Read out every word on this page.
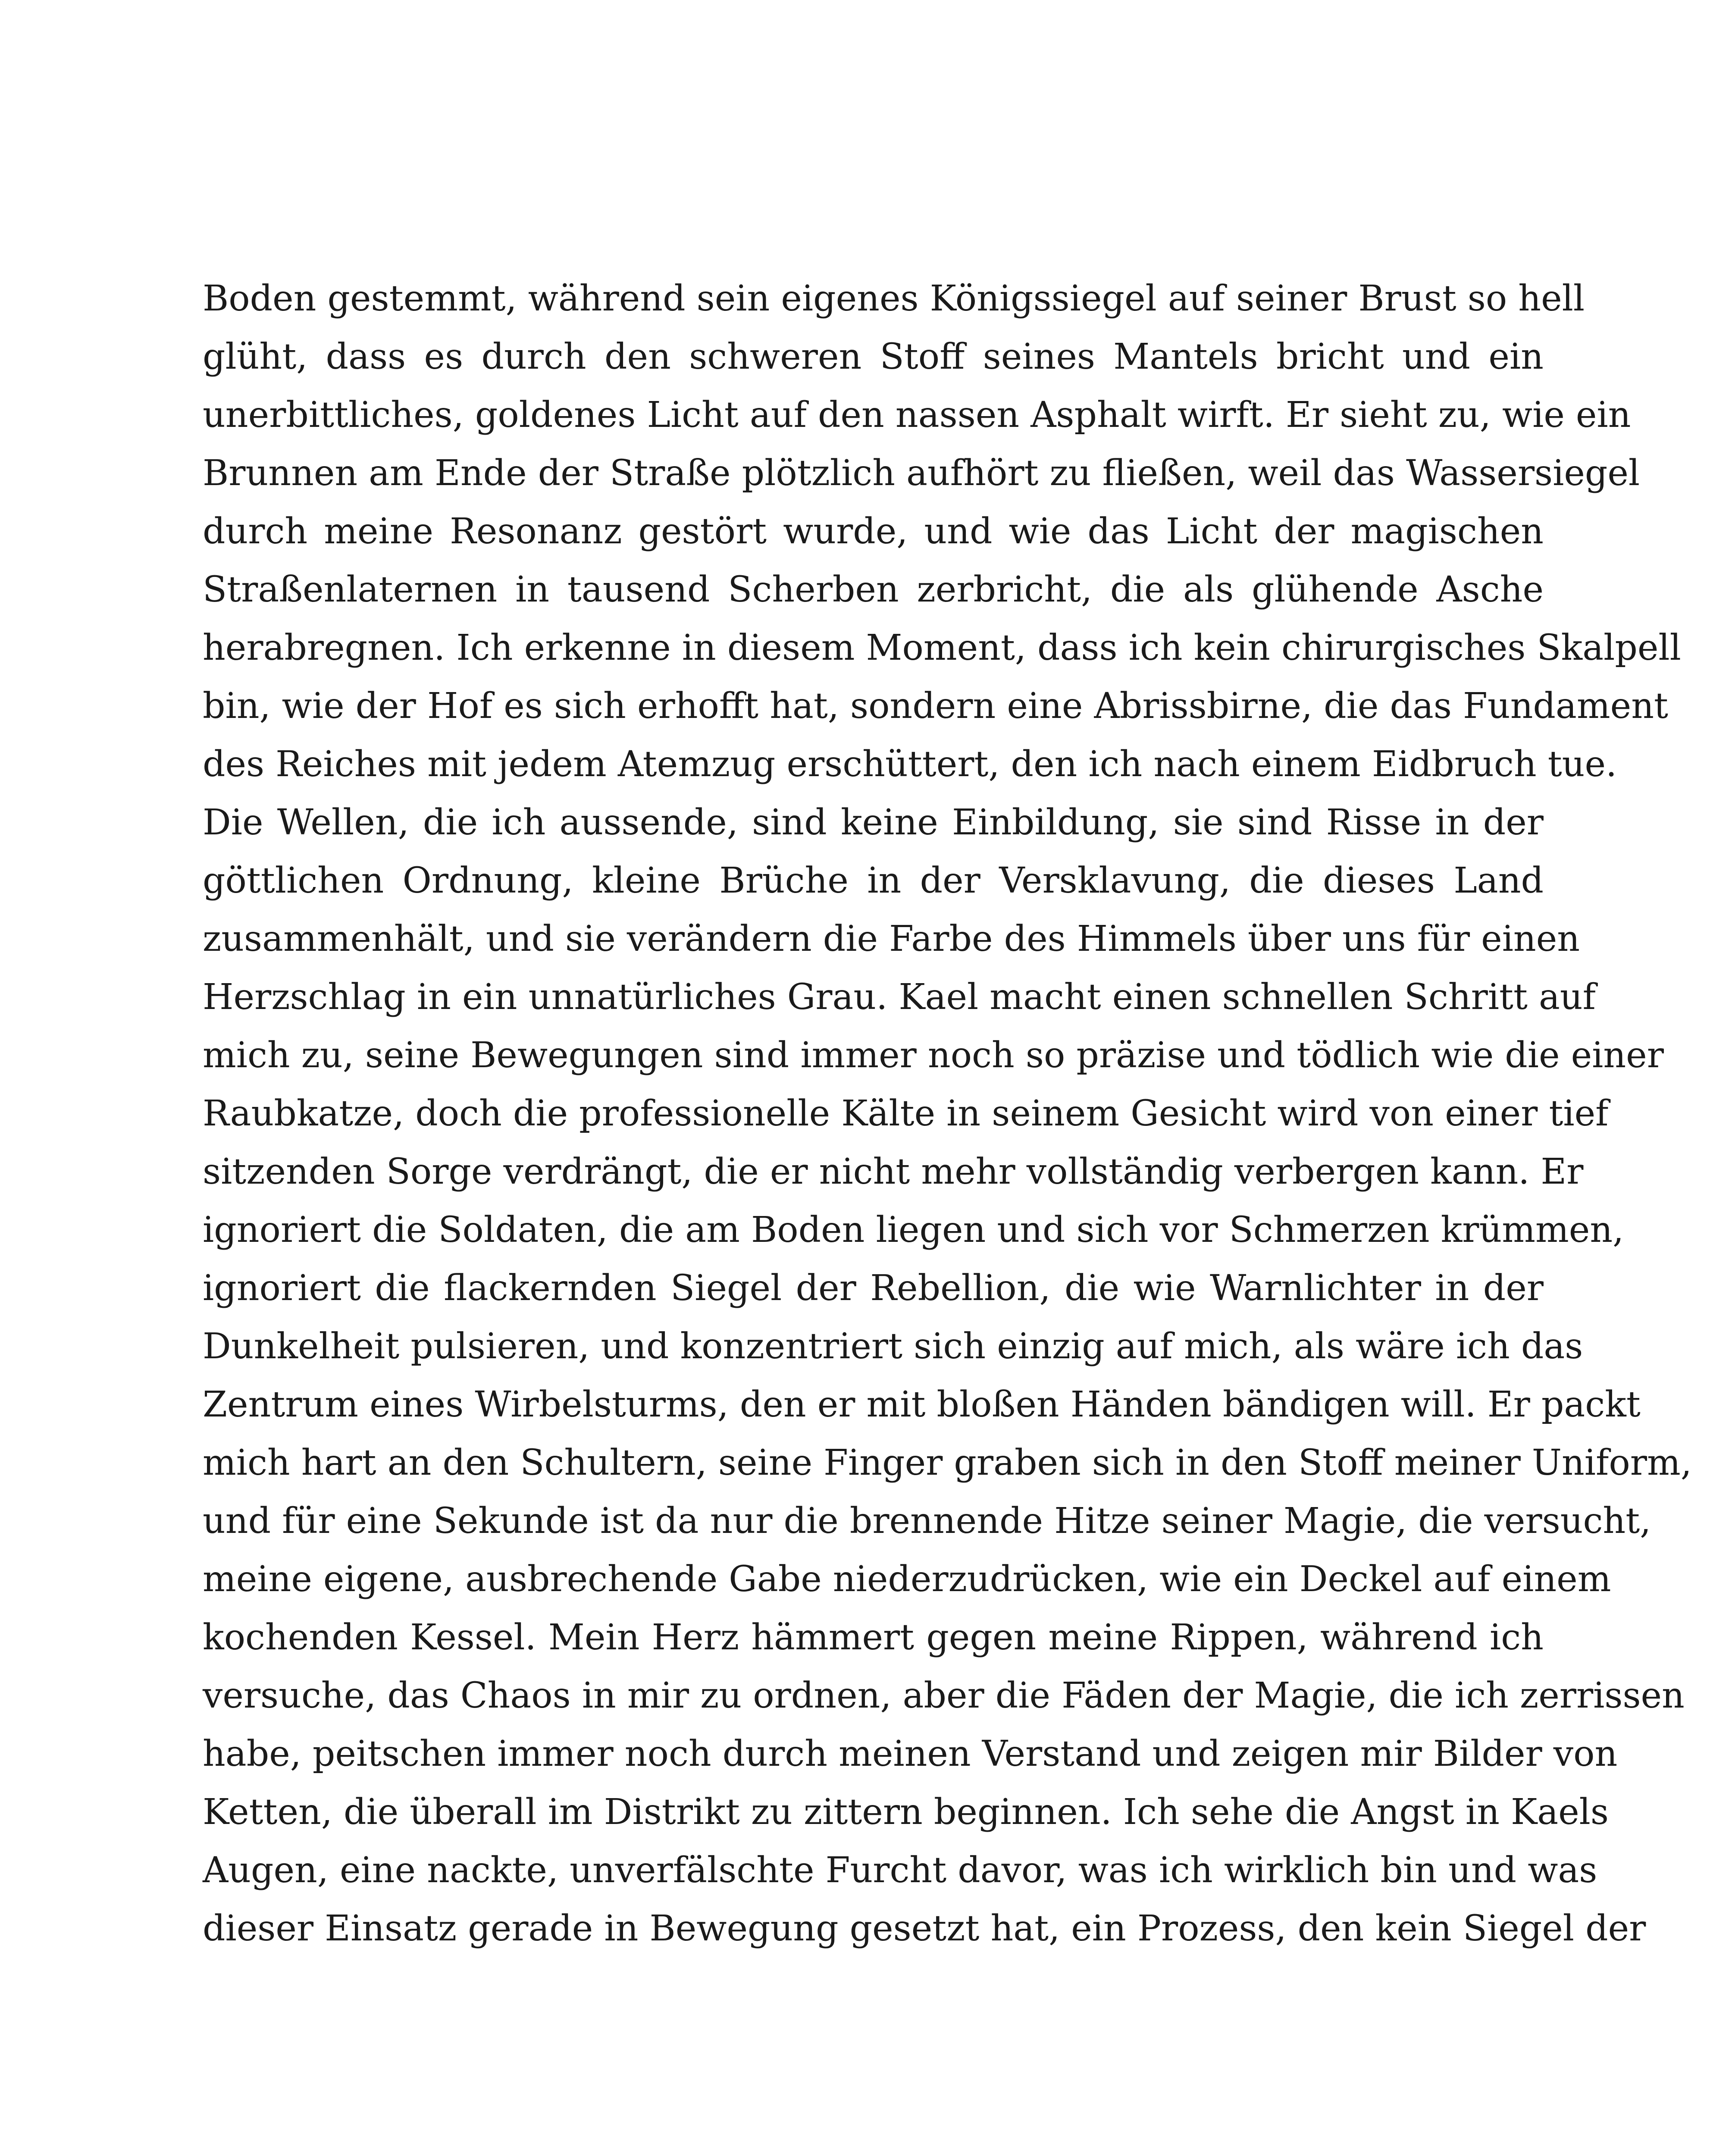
Boden gestemmt, während sein eigenes Königssiegel auf seiner Brust so hell
glüht, dass es durch den schweren Stoff seines Mantels bricht und ein
unerbittliches, goldenes Licht auf den nassen Asphalt wirft. Er sieht zu, wie ein
Brunnen am Ende der Straße plötzlich aufhört zu fließen, weil das Wassersiegel
durch meine Resonanz gestört wurde, und wie das Licht der magischen
Straßenlaternen in tausend Scherben zerbricht, die als glühende Asche
herabregnen. Ich erkenne in diesem Moment, dass ich kein chirurgisches Skalpell
bin, wie der Hof es sich erhofft hat, sondern eine Abrissbirne, die das Fundament
des Reiches mit jedem Atemzug erschüttert, den ich nach einem Eidbruch tue.
Die Wellen, die ich aussende, sind keine Einbildung, sie sind Risse in der
göttlichen Ordnung, kleine Brüche in der Versklavung, die dieses Land
zusammenhält, und sie verändern die Farbe des Himmels über uns für einen
Herzschlag in ein unnatürliches Grau. Kael macht einen schnellen Schritt auf
mich zu, seine Bewegungen sind immer noch so präzise und tödlich wie die einer
Raubkatze, doch die professionelle Kälte in seinem Gesicht wird von einer tief
sitzenden Sorge verdrängt, die er nicht mehr vollständig verbergen kann. Er
ignoriert die Soldaten, die am Boden liegen und sich vor Schmerzen krümmen,
ignoriert die flackernden Siegel der Rebellion, die wie Warnlichter in der
Dunkelheit pulsieren, und konzentriert sich einzig auf mich, als wäre ich das
Zentrum eines Wirbelsturms, den er mit bloßen Händen bändigen will. Er packt
mich hart an den Schultern, seine Finger graben sich in den Stoff meiner Uniform,
und für eine Sekunde ist da nur die brennende Hitze seiner Magie, die versucht,
meine eigene, ausbrechende Gabe niederzudrücken, wie ein Deckel auf einem
kochenden Kessel. Mein Herz hämmert gegen meine Rippen, während ich
versuche, das Chaos in mir zu ordnen, aber die Fäden der Magie, die ich zerrissen
habe, peitschen immer noch durch meinen Verstand und zeigen mir Bilder von
Ketten, die überall im Distrikt zu zittern beginnen. Ich sehe die Angst in Kaels
Augen, eine nackte, unverfälschte Furcht davor, was ich wirklich bin und was
dieser Einsatz gerade in Bewegung gesetzt hat, ein Prozess, den kein Siegel der
